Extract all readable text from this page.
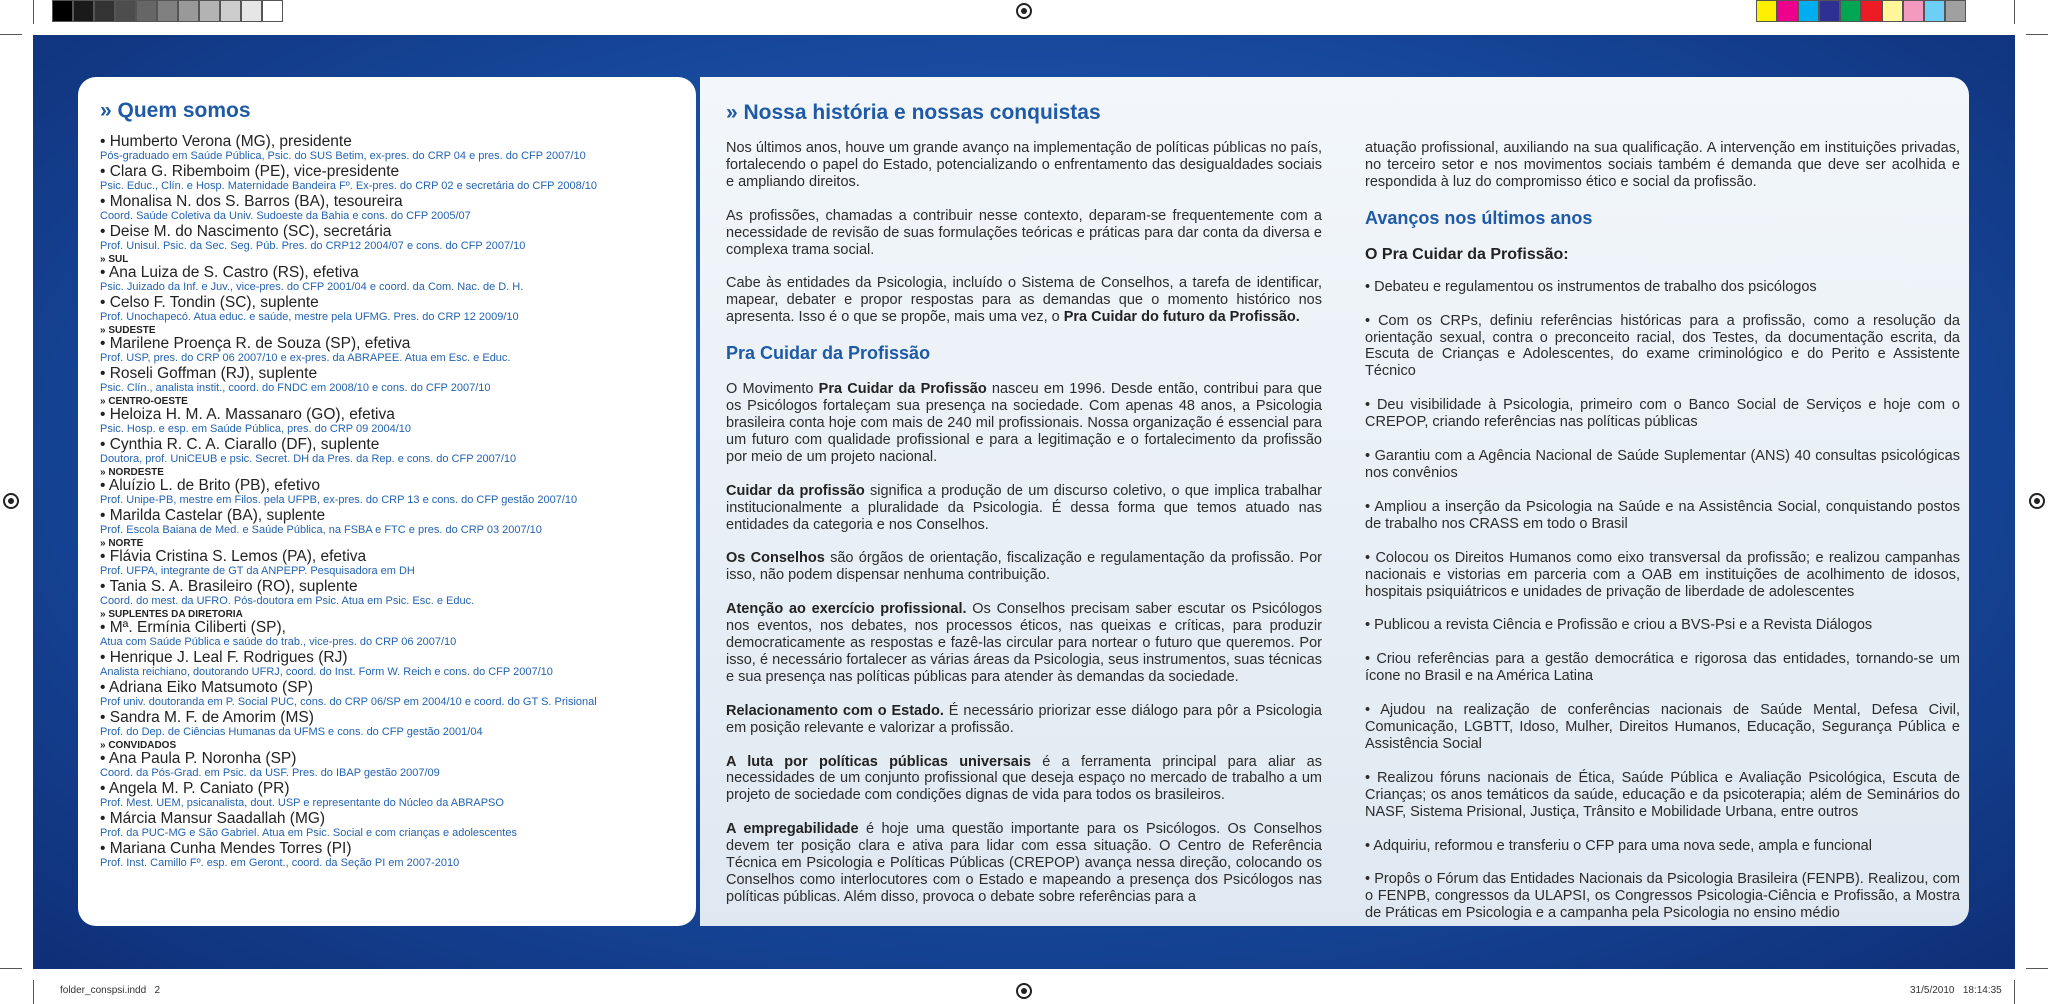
» Quem somos
• Humberto Verona (MG), presidente
Pós-graduado em Saúde Pública, Psic. do SUS Betim, ex-pres. do CRP 04 e pres. do CFP 2007/10
• Clara G. Ribemboim (PE), vice-presidente
Psic. Educ., Clín. e Hosp. Maternidade Bandeira Fº. Ex-pres. do CRP 02 e secretária do CFP 2008/10
• Monalisa N. dos S. Barros (BA), tesoureira
Coord. Saúde Coletiva da Univ. Sudoeste da Bahia e cons. do CFP 2005/07
• Deise M. do Nascimento (SC), secretária
Prof. Unisul. Psic. da Sec. Seg. Púb. Pres. do CRP12 2004/07 e cons. do CFP 2007/10
» SUL
• Ana Luiza de S. Castro (RS), efetiva
Psic. Juizado da Inf. e Juv., vice-pres. do CFP 2001/04 e coord. da Com. Nac. de D. H.
• Celso F. Tondin (SC), suplente
Prof. Unochapecó. Atua educ. e saúde, mestre pela UFMG. Pres. do CRP 12 2009/10
» SUDESTE
• Marilene Proença R. de Souza (SP), efetiva
Prof. USP, pres. do CRP 06 2007/10 e ex-pres. da ABRAPEE. Atua em Esc. e Educ.
• Roseli Goffman (RJ), suplente
Psic. Clín., analista instit., coord. do FNDC em 2008/10 e cons. do CFP 2007/10
» CENTRO-OESTE
• Heloiza H. M. A. Massanaro (GO), efetiva
Psic. Hosp. e esp. em Saúde Pública, pres. do CRP 09 2004/10
• Cynthia R. C. A. Ciarallo (DF), suplente
Doutora, prof. UniCEUB e psic. Secret. DH da Pres. da Rep. e cons. do CFP 2007/10
» NORDESTE
• Aluízio L. de Brito (PB), efetivo
Prof. Unipe-PB, mestre em Filos. pela UFPB, ex-pres. do CRP 13 e cons. do CFP gestão 2007/10
• Marilda Castelar (BA), suplente
Prof. Escola Baiana de Med. e Saúde Pública, na FSBA e FTC e pres. do CRP 03 2007/10
» NORTE
• Flávia Cristina S. Lemos (PA), efetiva
Prof. UFPA, integrante de GT da ANPEPP. Pesquisadora em DH
• Tania S. A. Brasileiro (RO), suplente
Coord. do mest. da UFRO. Pós-doutora em Psic. Atua em Psic. Esc. e Educ.
» SUPLENTES DA DIRETORIA
• Mª. Ermínia Ciliberti (SP),
Atua com Saúde Pública e saúde do trab., vice-pres. do CRP 06 2007/10
• Henrique J. Leal F. Rodrigues (RJ)
Analista reichiano, doutorando UFRJ, coord. do Inst. Form W. Reich e cons. do CFP 2007/10
• Adriana Eiko Matsumoto (SP)
Prof univ. doutoranda em P. Social PUC, cons. do CRP 06/SP em 2004/10 e coord. do GT S. Prisional
• Sandra M. F. de Amorim (MS)
Prof. do Dep. de Ciências Humanas da UFMS e cons. do CFP gestão 2001/04
» CONVIDADOS
• Ana Paula P. Noronha (SP)
Coord. da Pós-Grad. em Psic. da USF. Pres. do IBAP gestão 2007/09
• Angela M. P. Caniato (PR)
Prof. Mest. UEM, psicanalista, dout. USP e representante do Núcleo da ABRAPSO
• Márcia Mansur Saadallah (MG)
Prof. da PUC-MG e São Gabriel. Atua em Psic. Social e com crianças e adolescentes
• Mariana Cunha Mendes Torres (PI)
Prof. Inst. Camillo Fº. esp. em Geront., coord. da Seção PI em 2007-2010
» Nossa história e nossas conquistas

Nos últimos anos, houve um grande avanço na implementação de políticas públicas no país, fortalecendo o papel do Estado, potencializando o enfrentamento das desigualdades sociais e ampliando direitos.

As profissões, chamadas a contribuir nesse contexto, deparam-se frequentemente com a necessidade de revisão de suas formulações teóricas e práticas para dar conta da diversa e complexa trama social.

Cabe às entidades da Psicologia, incluído o Sistema de Conselhos, a tarefa de identificar, mapear, debater e propor respostas para as demandas que o momento histórico nos apresenta. Isso é o que se propõe, mais uma vez, o Pra Cuidar do futuro da Profissão.

Pra Cuidar da Profissão

O Movimento Pra Cuidar da Profissão nasceu em 1996. Desde então, contribui para que os Psicólogos fortaleçam sua presença na sociedade. Com apenas 48 anos, a Psicologia brasileira conta hoje com mais de 240 mil profissionais. Nossa organização é essencial para um futuro com qualidade profissional e para a legitimação e o fortalecimento da profissão por meio de um projeto nacional.

Cuidar da profissão significa a produção de um discurso coletivo, o que implica trabalhar institucionalmente a pluralidade da Psicologia. É dessa forma que temos atuado nas entidades da categoria e nos Conselhos.

Os Conselhos são órgãos de orientação, fiscalização e regulamentação da profissão. Por isso, não podem dispensar nenhuma contribuição.

Atenção ao exercício profissional. Os Conselhos precisam saber escutar os Psicólogos nos eventos, nos debates, nos processos éticos, nas queixas e críticas, para produzir democraticamente as respostas e fazê-las circular para nortear o futuro que queremos. Por isso, é necessário fortalecer as várias áreas da Psicologia, seus instrumentos, suas técnicas e sua presença nas políticas públicas para atender às demandas da sociedade.

Relacionamento com o Estado. É necessário priorizar esse diálogo para pôr a Psicologia em posição relevante e valorizar a profissão.

A luta por políticas públicas universais é a ferramenta principal para aliar as necessidades de um conjunto profissional que deseja espaço no mercado de trabalho a um projeto de sociedade com condições dignas de vida para todos os brasileiros.

A empregabilidade é hoje uma questão importante para os Psicólogos. Os Conselhos devem ter posição clara e ativa para lidar com essa situação. O Centro de Referência Técnica em Psicologia e Políticas Públicas (CREPOP) avança nessa direção, colocando os Conselhos como interlocutores com o Estado e mapeando a presença dos Psicólogos nas políticas públicas. Além disso, provoca o debate sobre referências para a

atuação profissional, auxiliando na sua qualificação. A intervenção em instituições privadas, no terceiro setor e nos movimentos sociais também é demanda que deve ser acolhida e respondida à luz do compromisso ético e social da profissão.

Avanços nos últimos anos
O Pra Cuidar da Profissão:

• Debateu e regulamentou os instrumentos de trabalho dos psicólogos

• Com os CRPs, definiu referências históricas para a profissão, como a resolução da orientação sexual, contra o preconceito racial, dos Testes, da documentação escrita, da Escuta de Crianças e Adolescentes, do exame criminológico e do Perito e Assistente Técnico

• Deu visibilidade à Psicologia, primeiro com o Banco Social de Serviços e hoje com o CREPOP, criando referências nas políticas públicas

• Garantiu com a Agência Nacional de Saúde Suplementar (ANS) 40 consultas psicológicas nos convênios

• Ampliou a inserção da Psicologia na Saúde e na Assistência Social, conquistando postos de trabalho nos CRASS em todo o Brasil

• Colocou os Direitos Humanos como eixo transversal da profissão; e realizou campanhas nacionais e vistorias em parceria com a OAB em instituições de acolhimento de idosos, hospitais psiquiátricos e unidades de privação de liberdade de adolescentes

• Publicou a revista Ciência e Profissão e criou a BVS-Psi e a Revista Diálogos

• Criou referências para a gestão democrática e rigorosa das entidades, tornando-se um ícone no Brasil e na América Latina

• Ajudou na realização de conferências nacionais de Saúde Mental, Defesa Civil, Comunicação, LGBTT, Idoso, Mulher, Direitos Humanos, Educação, Segurança Pública e Assistência Social

• Realizou fóruns nacionais de Ética, Saúde Pública e Avaliação Psicológica, Escuta de Crianças; os anos temáticos da saúde, educação e da psicoterapia; além de Seminários do NASF, Sistema Prisional, Justiça, Trânsito e Mobilidade Urbana, entre outros

• Adquiriu, reformou e transferiu o CFP para uma nova sede, ampla e funcional

• Propôs o Fórum das Entidades Nacionais da Psicologia Brasileira (FENPB). Realizou, com o FENPB, congressos da ULAPSI, os Congressos Psicologia-Ciência e Profissão, a Mostra de Práticas em Psicologia e a campanha pela Psicologia no ensino médio

folder_conspsi.indd   2	31/5/2010   18:14:35
